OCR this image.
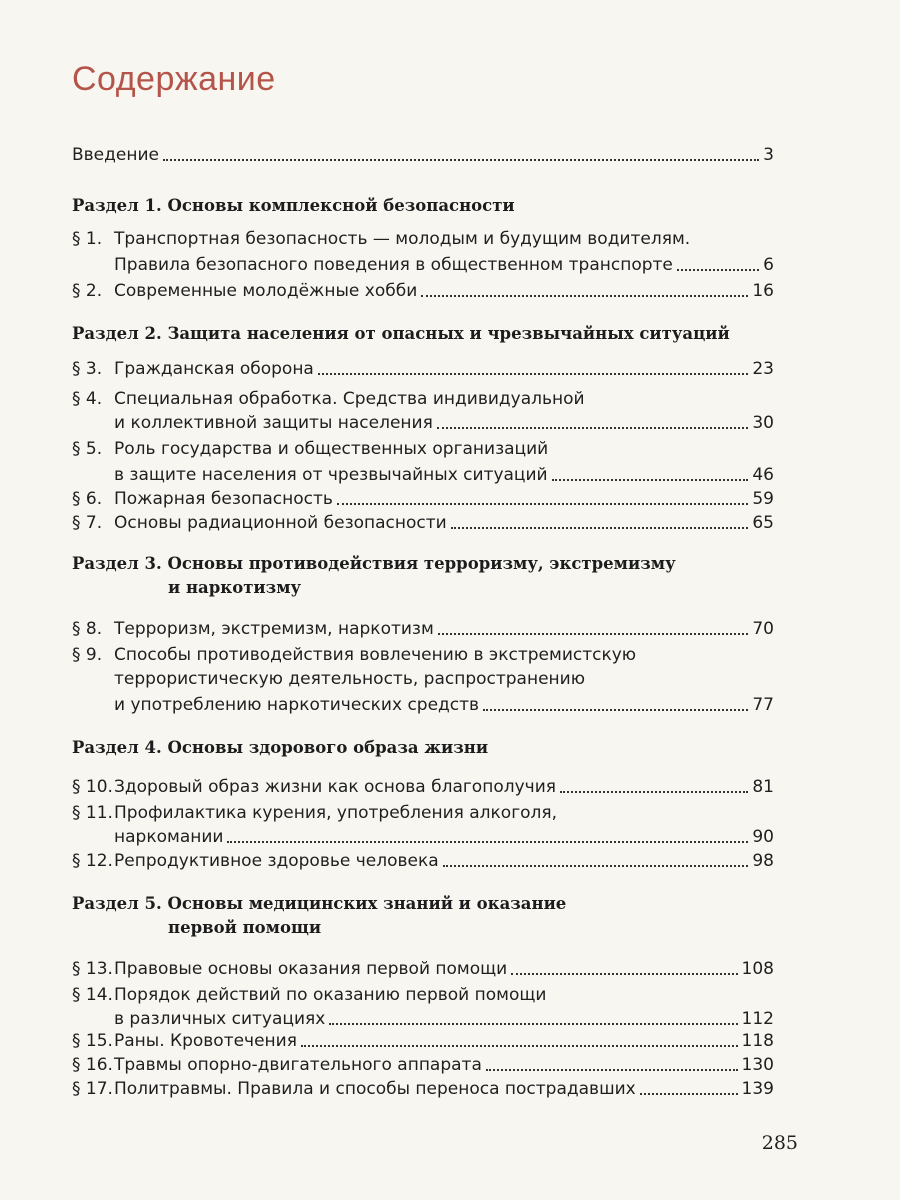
Содержание
Введение	3
Раздел 1. Основы комплексной безопасности
§ 1. Транспортная безопасность — молодым и будущим водителям.
Правила безопасного поведения в общественном транспорте	6
§ 2. Современные молодёжные хобби	16
Раздел 2. Защита населения от опасных и чрезвычайных ситуаций
§ 3. Гражданская оборона	23
§ 4. Специальная обработка. Средства индивидуальной
и коллективной защиты населения	30
§ 5. Роль государства и общественных организаций
в защите населения от чрезвычайных ситуаций	46
§ 6. Пожарная безопасность	59
§ 7. Основы радиационной безопасности	65
Раздел 3. Основы противодействия терроризму, экстремизму
и наркотизму
§ 8. Терроризм, экстремизм, наркотизм	70
§ 9. Способы противодействия вовлечению в экстремистскую
террористическую деятельность, распространению
и употреблению наркотических средств	77
Раздел 4. Основы здорового образа жизни
§ 10. Здоровый образ жизни как основа благополучия	81
§ 11. Профилактика курения, употребления алкоголя,
наркомании	90
§ 12. Репродуктивное здоровье человека	98
Раздел 5. Основы медицинских знаний и оказание
первой помощи
§ 13. Правовые основы оказания первой помощи	108
§ 14. Порядок действий по оказанию первой помощи
в различных ситуациях	112
§ 15. Раны. Кровотечения	118
§ 16. Травмы опорно-двигательного аппарата	130
§ 17. Политравмы. Правила и способы переноса пострадавших	139
285
